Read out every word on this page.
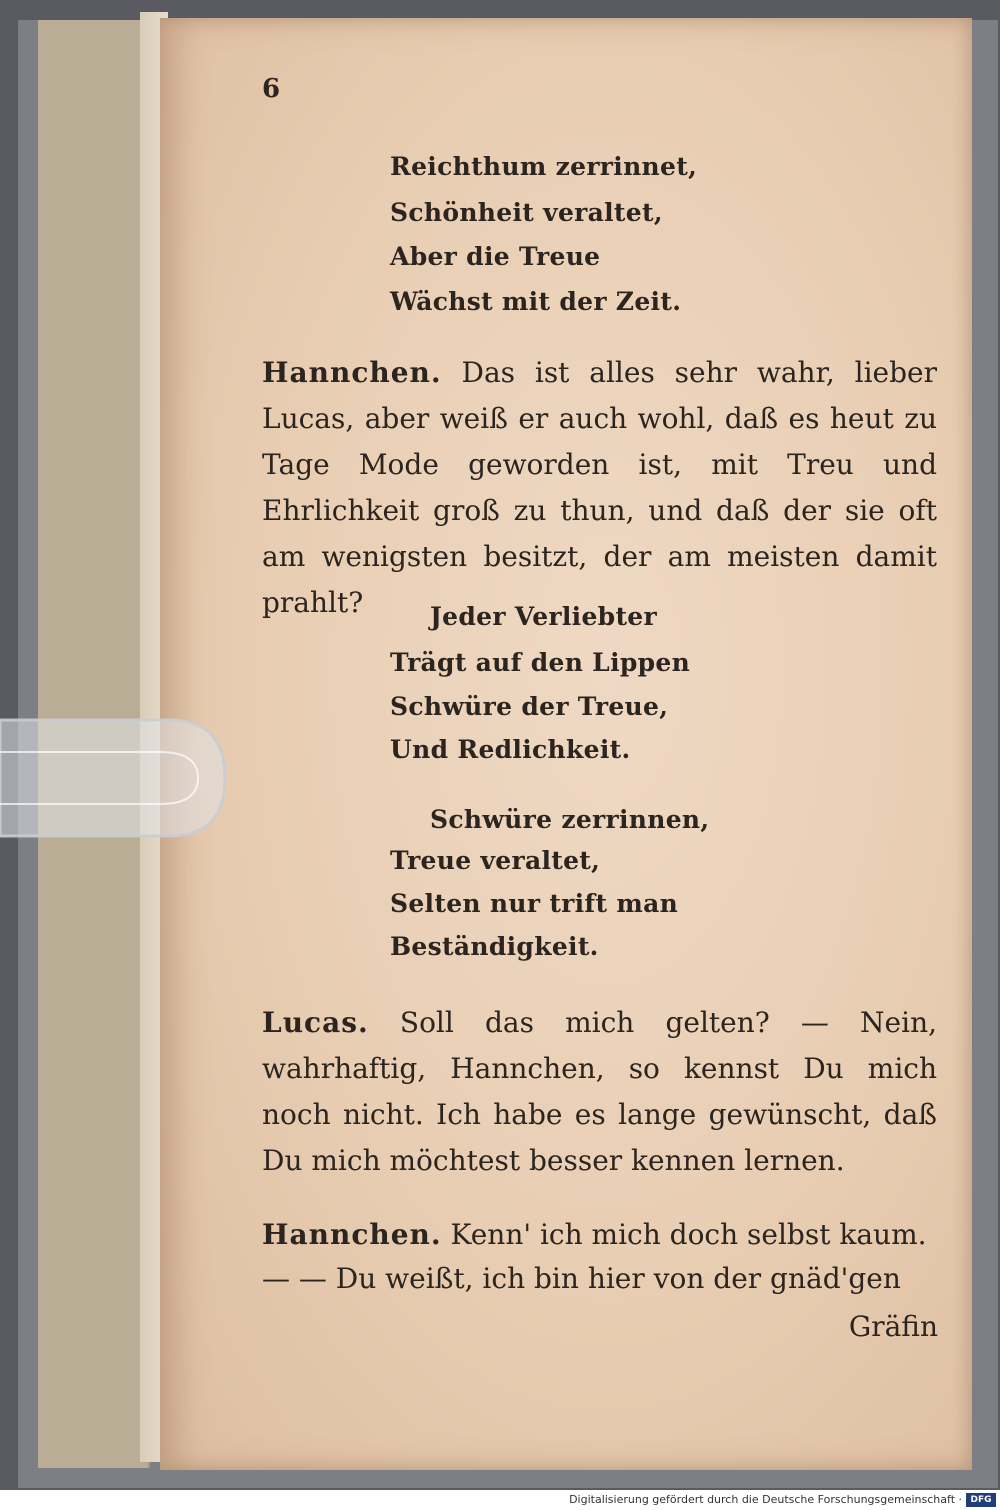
6
Reichthum zerrinnet,
Schönheit veraltet,
Aber die Treue
Wächst mit der Zeit.
Hannchen. Das ist alles sehr wahr, lieber Lucas, aber weiß er auch wohl, daß es heut zu Tage Mode geworden ist, mit Treu und Ehrlichkeit groß zu thun, und daß der sie oft am wenigsten besitzt, der am meisten damit prahlt?	Jeder Verliebter
Trägt auf den Lippen
Schwüre der Treue,
Und Redlichkeit.
Schwüre zerrinnen,
Treue veraltet,
Selten nur trift man
Beständigkeit.
Lucas. Soll das mich gelten? — Nein, wahrhaftig, Hannchen, so kennst Du mich noch nicht. Ich habe es lange gewünscht, daß Du mich möchtest besser kennen lernen.
Hannchen. Kenn' ich mich doch selbst kaum.
— — Du weißt, ich bin hier von der gnäd'gen
Gräfin
Digitalisierung gefördert durch die Deutsche Forschungsgemeinschaft · DFG
